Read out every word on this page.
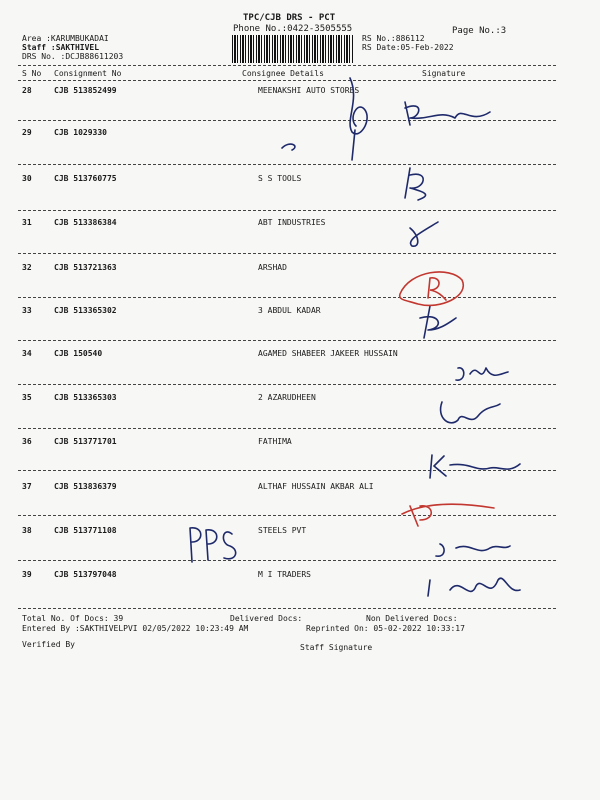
TPC/CJB DRS - PCT
Phone No.:0422-3505555	Page No.:3
Area :KARUMBUKADAI
Staff :SAKTHIVEL
DRS No. :DCJB88611203
RS No.:886112
RS Date:05-Feb-2022
S No Consignment No	Consignee Details	Signature
28	CJB 513852499	MEENAKSHI AUTO STORES
29	CJB 1029330
30	CJB 513760775	S S TOOLS
31	CJB 513386384	ABT INDUSTRIES
32	CJB 513721363	ARSHAD
33	CJB 513365302	3 ABDUL KADAR
34	CJB 150540	AGAMED SHABEER JAKEER HUSSAIN
35	CJB 513365303	2 AZARUDHEEN
36	CJB 513771701	FATHIMA
37	CJB 513836379	ALTHAF HUSSAIN AKBAR ALI
38	CJB 513771108	STEELS PVT
39	CJB 513797048	M I TRADERS
Total No. Of Docs: 39	Delivered Docs:	Non Delivered Docs:
Entered By :SAKTHIVELPVI 02/05/2022 10:23:49 AM	Reprinted On: 05-02-2022 10:33:17
Verified By	Staff Signature
